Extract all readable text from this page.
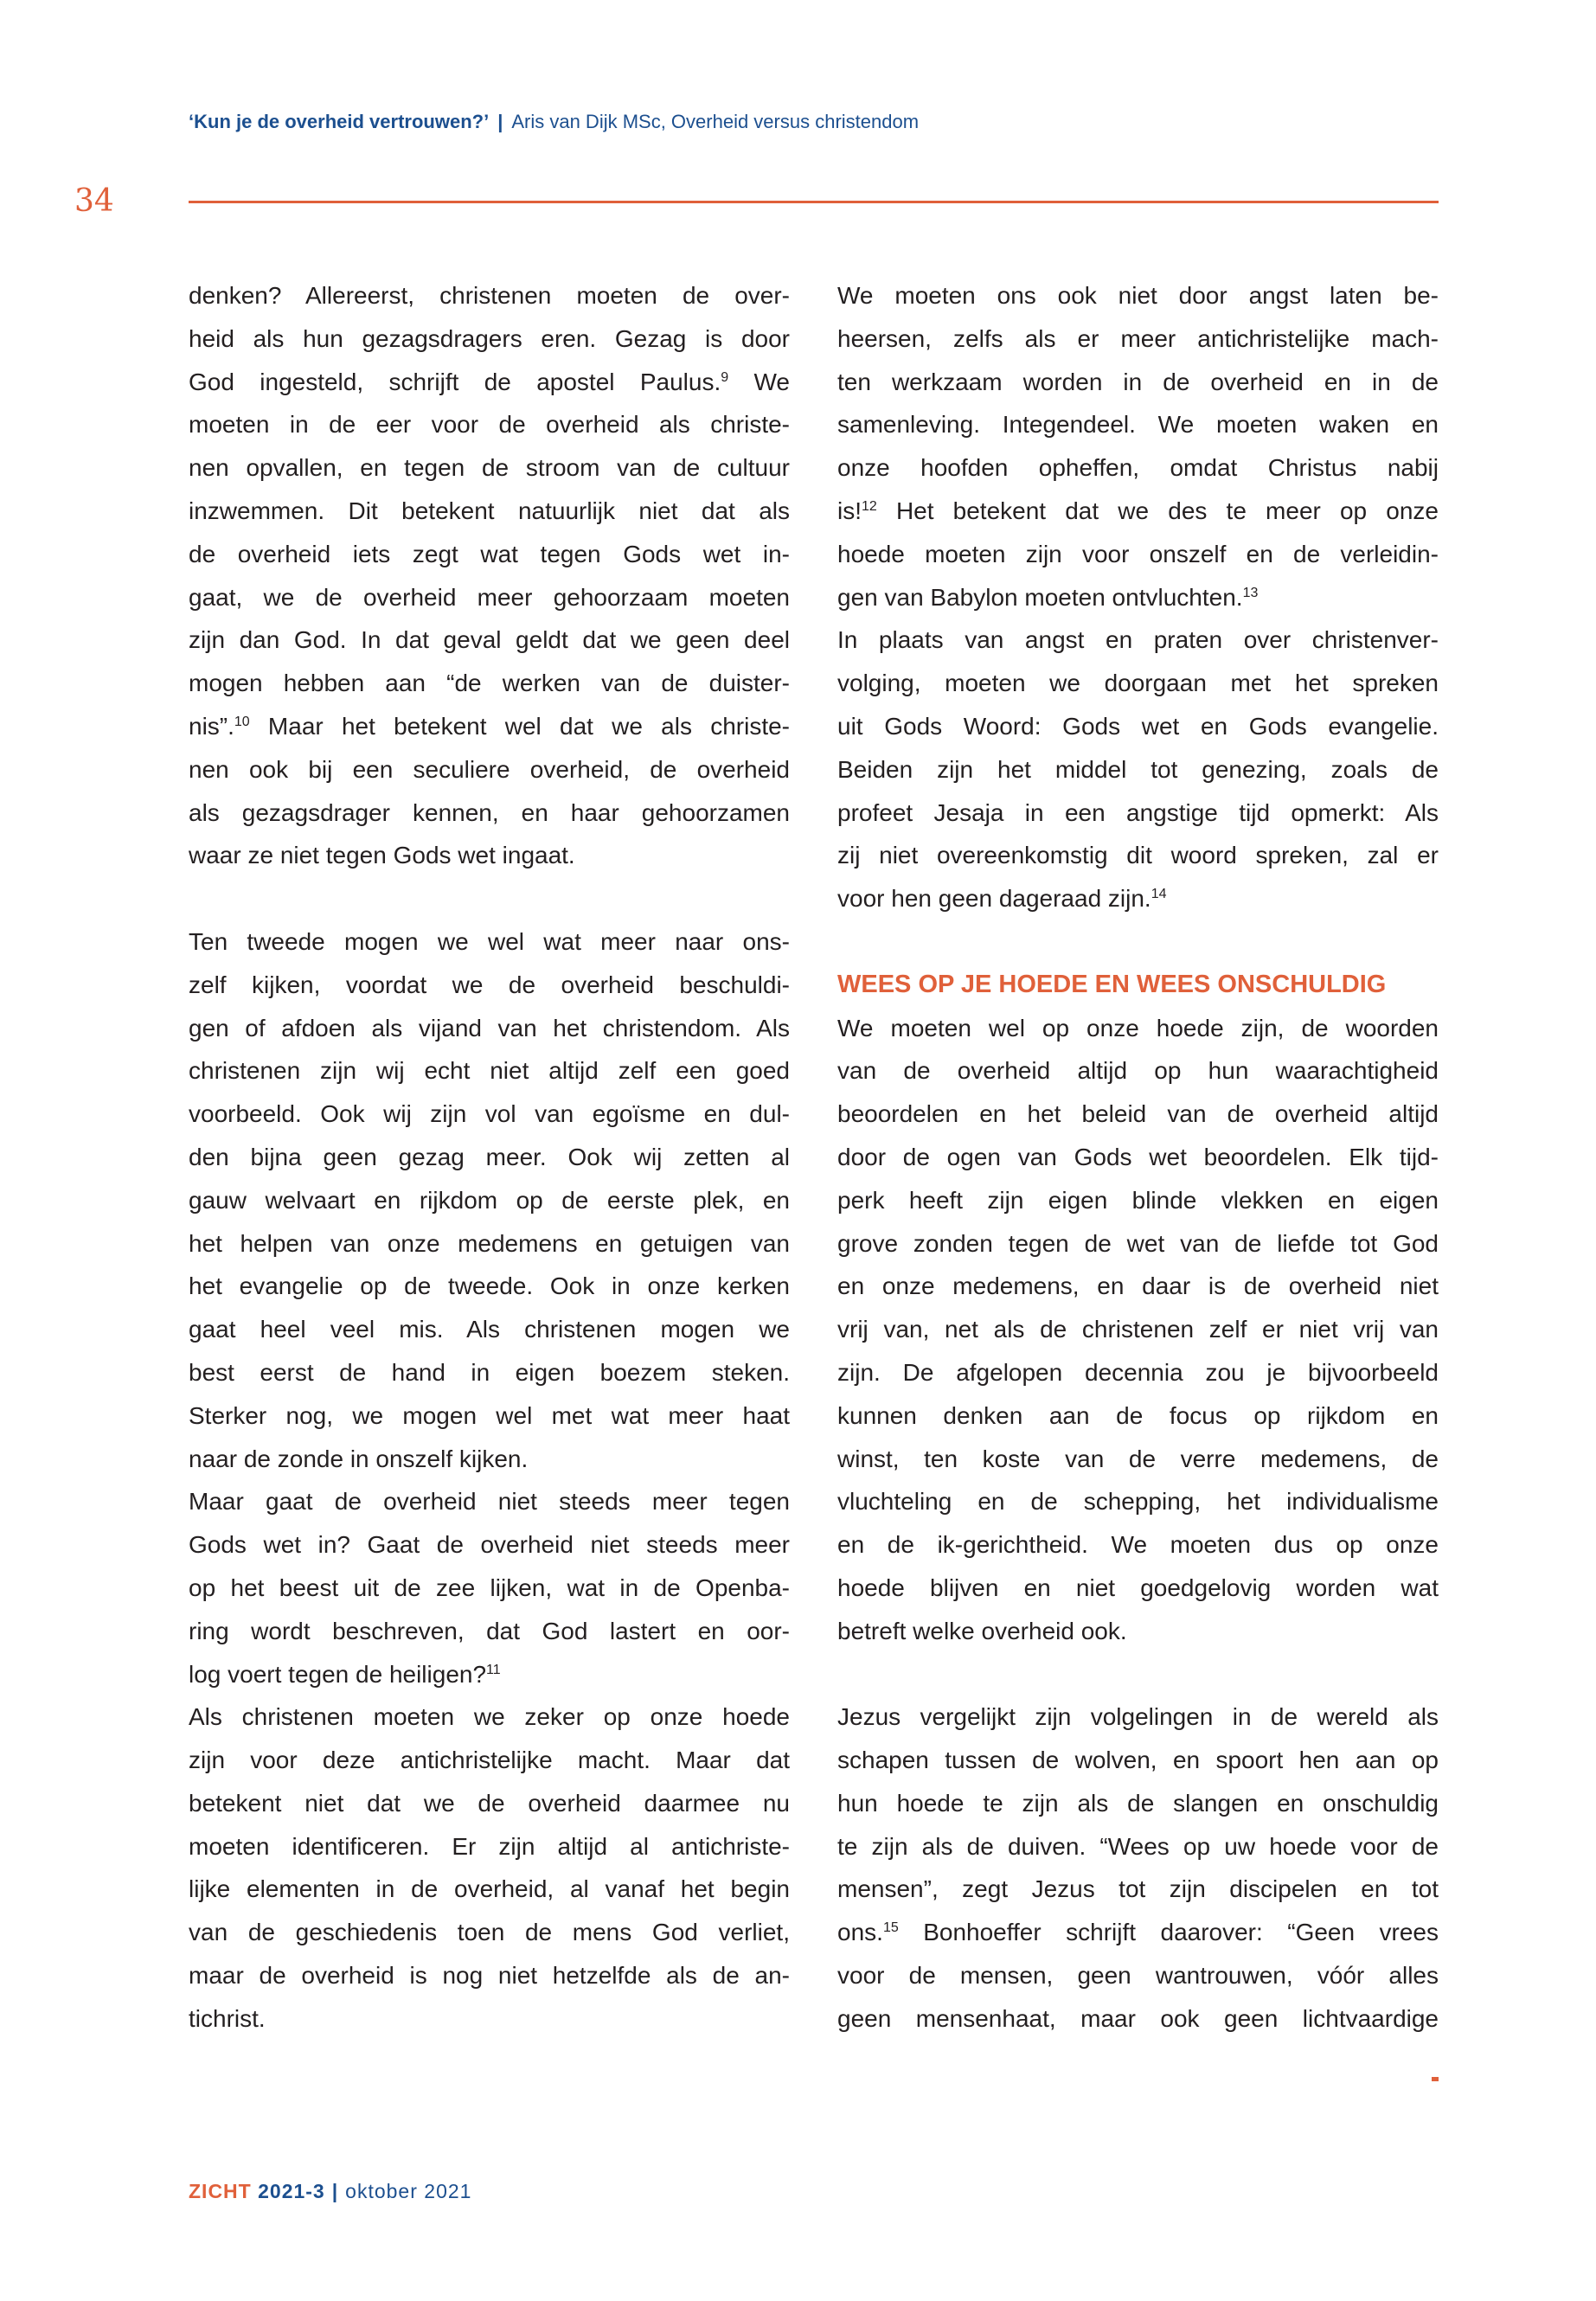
‘Kun je de overheid vertrouwen?’ | Aris van Dijk MSc, Overheid versus christendom
34
denken? Allereerst, christenen moeten de over-
heid als hun gezagsdragers eren. Gezag is door
God ingesteld, schrijft de apostel Paulus.$^9$ We
moeten in de eer voor de overheid als christe-
nen opvallen, en tegen de stroom van de cultuur
inzwemmen. Dit betekent natuurlijk niet dat als
de overheid iets zegt wat tegen Gods wet in-
gaat, we de overheid meer gehoorzaam moeten
zijn dan God. In dat geval geldt dat we geen deel
mogen hebben aan “de werken van de duister-
nis”.$^{10}$ Maar het betekent wel dat we als christe-
nen ook bij een seculiere overheid, de overheid
als gezagsdrager kennen, en haar gehoorzamen
waar ze niet tegen Gods wet ingaat.
Ten tweede mogen we wel wat meer naar ons-
zelf kijken, voordat we de overheid beschuldi-
gen of afdoen als vijand van het christendom. Als
christenen zijn wij echt niet altijd zelf een goed
voorbeeld. Ook wij zijn vol van egoïsme en dul-
den bijna geen gezag meer. Ook wij zetten al
gauw welvaart en rijkdom op de eerste plek, en
het helpen van onze medemens en getuigen van
het evangelie op de tweede. Ook in onze kerken
gaat heel veel mis. Als christenen mogen we
best eerst de hand in eigen boezem steken.
Sterker nog, we mogen wel met wat meer haat
naar de zonde in onszelf kijken.
Maar gaat de overheid niet steeds meer tegen
Gods wet in? Gaat de overheid niet steeds meer
op het beest uit de zee lijken, wat in de Openba-
ring wordt beschreven, dat God lastert en oor-
log voert tegen de heiligen?$^{11}$
Als christenen moeten we zeker op onze hoede
zijn voor deze antichristelijke macht. Maar dat
betekent niet dat we de overheid daarmee nu
moeten identificeren. Er zijn altijd al antichriste-
lijke elementen in de overheid, al vanaf het begin
van de geschiedenis toen de mens God verliet,
maar de overheid is nog niet hetzelfde als de an-
tichrist.
We moeten ons ook niet door angst laten be-
heersen, zelfs als er meer antichristelijke mach-
ten werkzaam worden in de overheid en in de
samenleving. Integendeel. We moeten waken en
onze hoofden opheffen, omdat Christus nabij
is!$^{12}$ Het betekent dat we des te meer op onze
hoede moeten zijn voor onszelf en de verleidin-
gen van Babylon moeten ontvluchten.$^{13}$
In plaats van angst en praten over christenver-
volging, moeten we doorgaan met het spreken
uit Gods Woord: Gods wet en Gods evangelie.
Beiden zijn het middel tot genezing, zoals de
profeet Jesaja in een angstige tijd opmerkt: Als
zij niet overeenkomstig dit woord spreken, zal er
voor hen geen dageraad zijn.$^{14}$
WEES OP JE HOEDE EN WEES ONSCHULDIG
We moeten wel op onze hoede zijn, de woorden
van de overheid altijd op hun waarachtigheid
beoordelen en het beleid van de overheid altijd
door de ogen van Gods wet beoordelen. Elk tijd-
perk heeft zijn eigen blinde vlekken en eigen
grove zonden tegen de wet van de liefde tot God
en onze medemens, en daar is de overheid niet
vrij van, net als de christenen zelf er niet vrij van
zijn. De afgelopen decennia zou je bijvoorbeeld
kunnen denken aan de focus op rijkdom en
winst, ten koste van de verre medemens, de
vluchteling en de schepping, het individualisme
en de ik-gerichtheid. We moeten dus op onze
hoede blijven en niet goedgelovig worden wat
betreft welke overheid ook.
Jezus vergelijkt zijn volgelingen in de wereld als
schapen tussen de wolven, en spoort hen aan op
hun hoede te zijn als de slangen en onschuldig
te zijn als de duiven. “Wees op uw hoede voor de
mensen”, zegt Jezus tot zijn discipelen en tot
ons.$^{15}$ Bonhoeffer schrijft daarover: “Geen vrees
voor de mensen, geen wantrouwen, vóór alles
geen mensenhaat, maar ook geen lichtvaardige
ZICHT 2021-3 | oktober 2021
